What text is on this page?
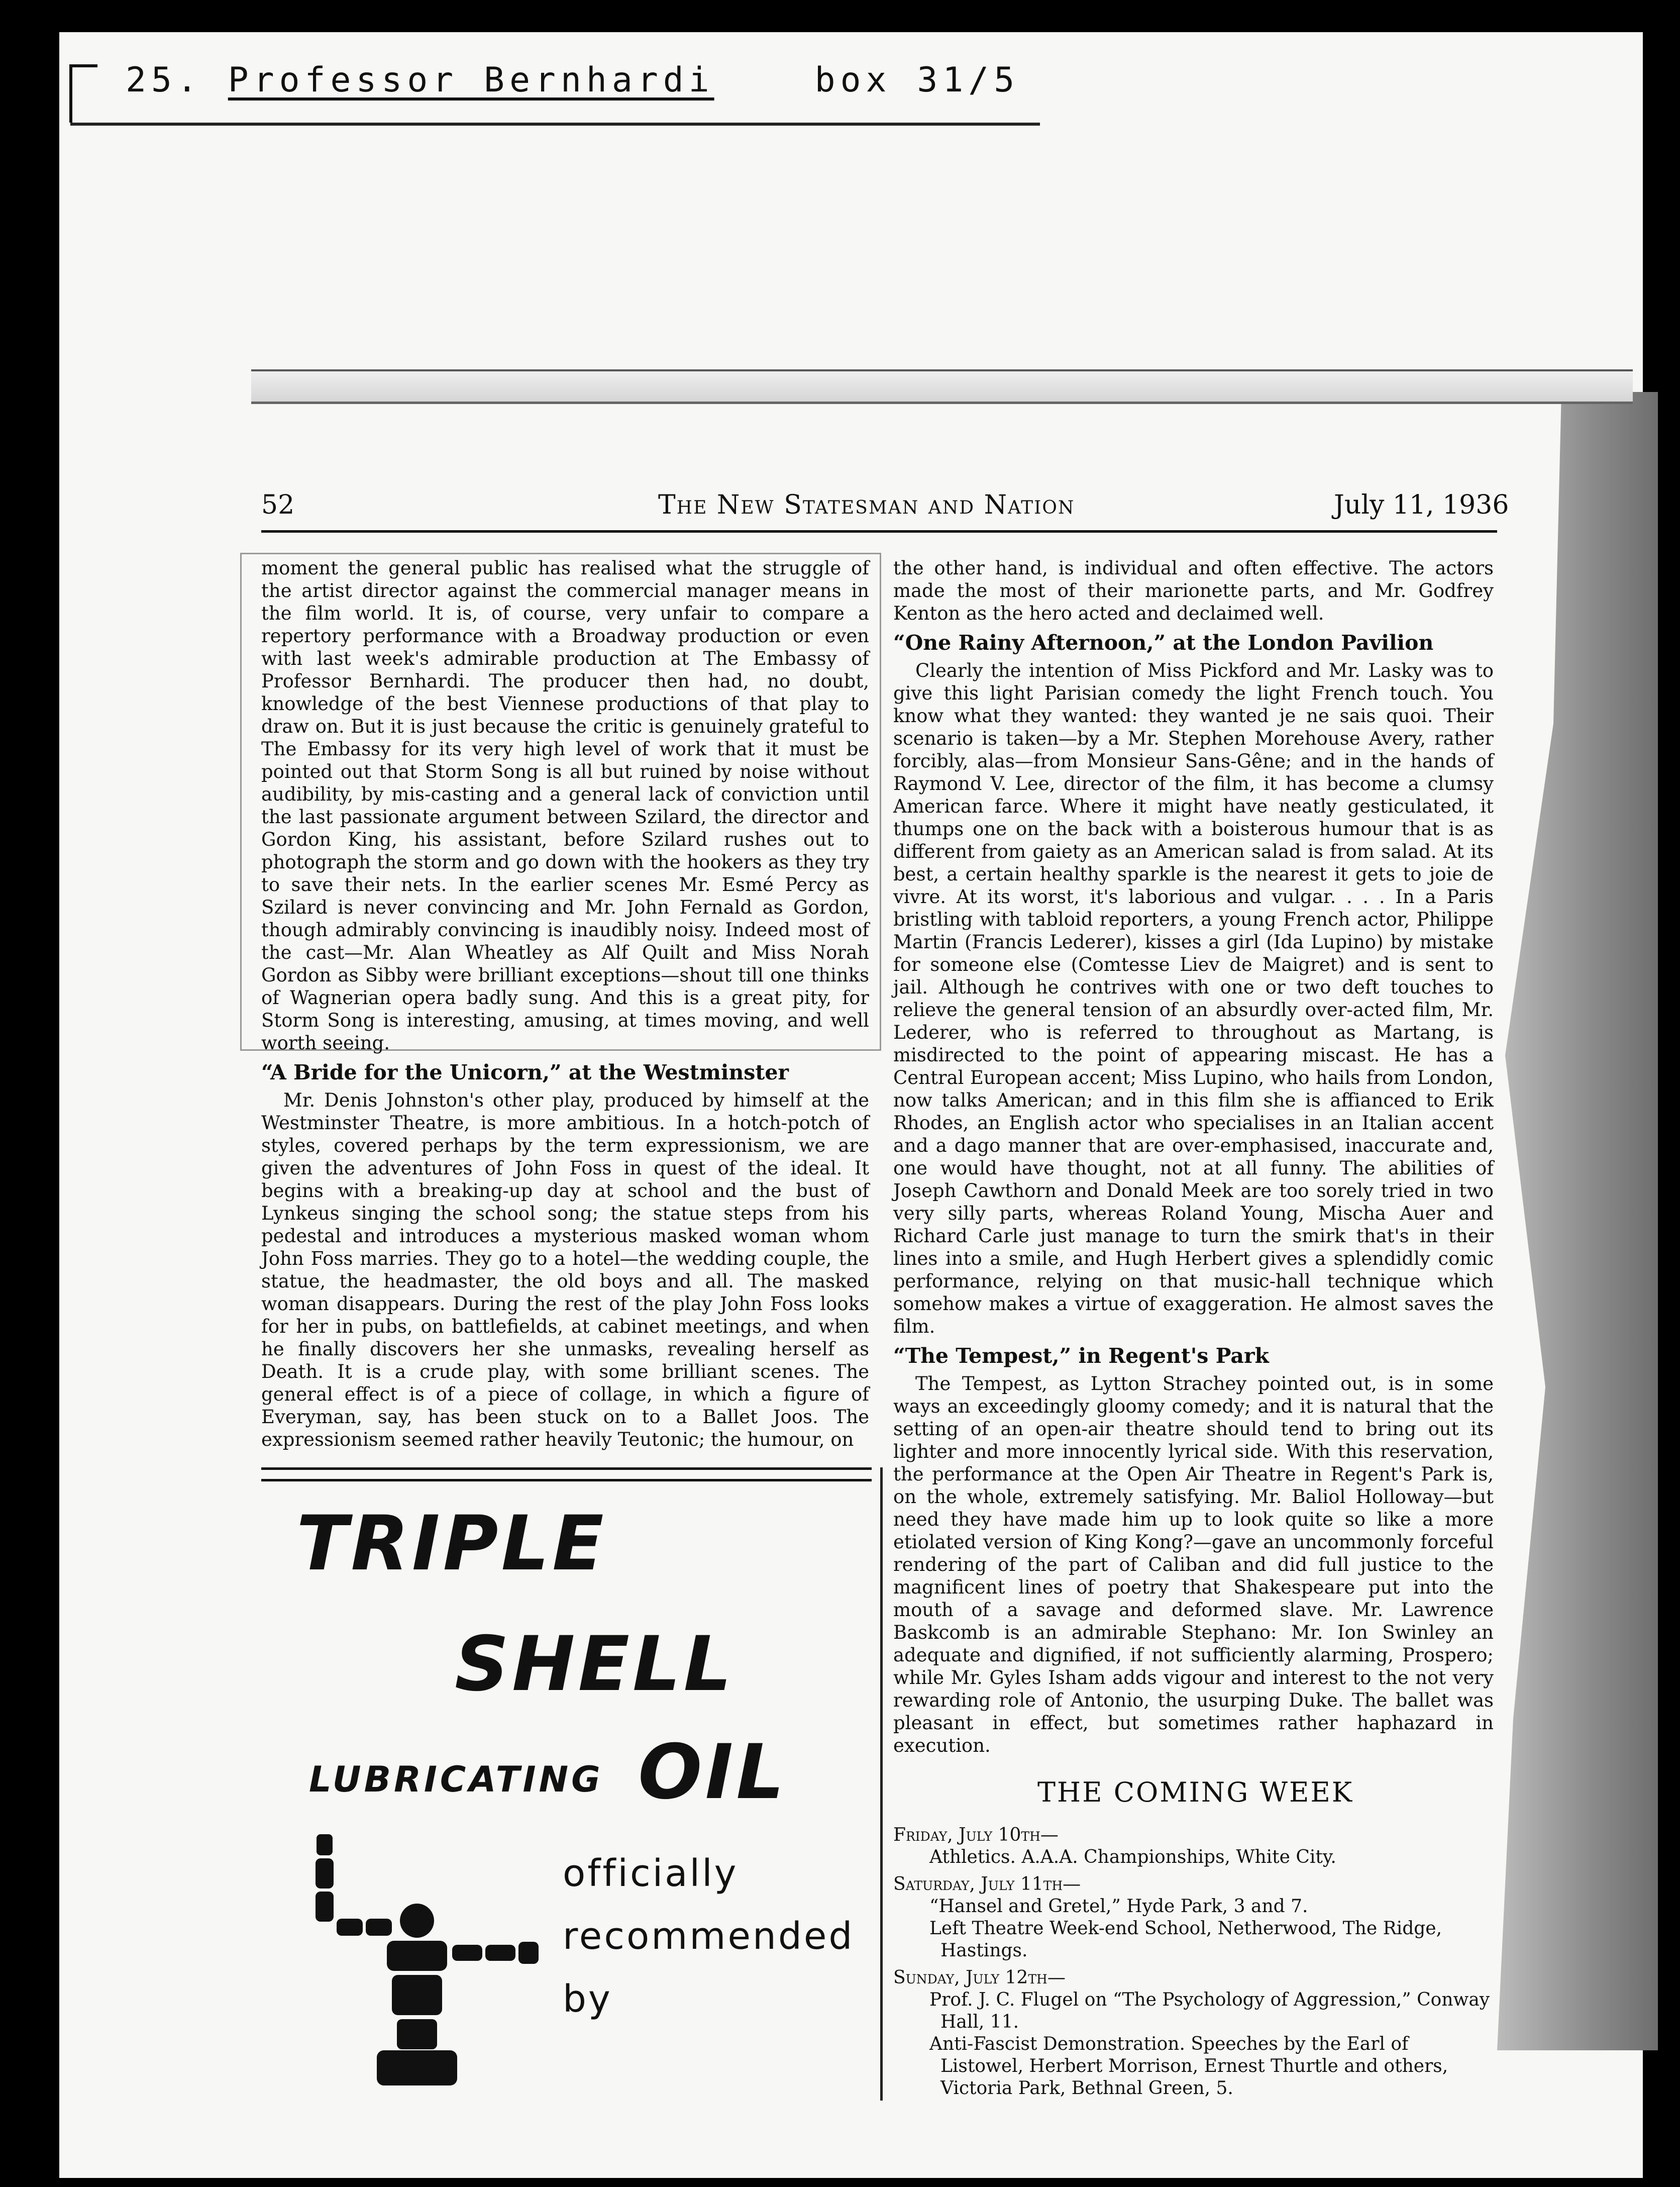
25. Professor Bernhardi	box 31/5
52	The New Statesman and Nation	July 11, 1936

moment the general public has realised what the struggle of the artist director against the commercial manager means in the film world. It is, of course, very unfair to compare a repertory performance with a Broadway production or even with last week's admirable production at The Embassy of Professor Bernhardi. The producer then had, no doubt, knowledge of the best Viennese productions of that play to draw on. But it is just because the critic is genuinely grateful to The Embassy for its very high level of work that it must be pointed out that Storm Song is all but ruined by noise without audibility, by mis-casting and a general lack of conviction until the last passionate argument between Szilard, the director and Gordon King, his assistant, before Szilard rushes out to photograph the storm and go down with the hookers as they try to save their nets. In the earlier scenes Mr. Esmé Percy as Szilard is never convincing and Mr. John Fernald as Gordon, though admirably convincing is inaudibly noisy. Indeed most of the cast—Mr. Alan Wheatley as Alf Quilt and Miss Norah Gordon as Sibby were brilliant exceptions—shout till one thinks of Wagnerian opera badly sung. And this is a great pity, for Storm Song is interesting, amusing, at times moving, and well worth seeing.

“A Bride for the Unicorn,” at the Westminster

Mr. Denis Johnston's other play, produced by himself at the Westminster Theatre, is more ambitious. In a hotch-potch of styles, covered perhaps by the term expressionism, we are given the adventures of John Foss in quest of the ideal. It begins with a breaking-up day at school and the bust of Lynkeus singing the school song; the statue steps from his pedestal and introduces a mysterious masked woman whom John Foss marries. They go to a hotel—the wedding couple, the statue, the headmaster, the old boys and all. The masked woman disappears. During the rest of the play John Foss looks for her in pubs, on battlefields, at cabinet meetings, and when he finally discovers her she unmasks, revealing herself as Death. It is a crude play, with some brilliant scenes. The general effect is of a piece of collage, in which a figure of Everyman, say, has been stuck on to a Ballet Joos. The expressionism seemed rather heavily Teutonic; the humour, on

the other hand, is individual and often effective. The actors made the most of their marionette parts, and Mr. Godfrey Kenton as the hero acted and declaimed well.

“One Rainy Afternoon,” at the London Pavilion

Clearly the intention of Miss Pickford and Mr. Lasky was to give this light Parisian comedy the light French touch. You know what they wanted: they wanted je ne sais quoi. Their scenario is taken—by a Mr. Stephen Morehouse Avery, rather forcibly, alas—from Monsieur Sans-Gêne; and in the hands of Raymond V. Lee, director of the film, it has become a clumsy American farce. Where it might have neatly gesticulated, it thumps one on the back with a boisterous humour that is as different from gaiety as an American salad is from salad. At its best, a certain healthy sparkle is the nearest it gets to joie de vivre. At its worst, it's laborious and vulgar. . . . In a Paris bristling with tabloid reporters, a young French actor, Philippe Martin (Francis Lederer), kisses a girl (Ida Lupino) by mistake for someone else (Comtesse Liev de Maigret) and is sent to jail. Although he contrives with one or two deft touches to relieve the general tension of an absurdly over-acted film, Mr. Lederer, who is referred to throughout as Martang, is misdirected to the point of appearing miscast. He has a Central European accent; Miss Lupino, who hails from London, now talks American; and in this film she is affianced to Erik Rhodes, an English actor who specialises in an Italian accent and a dago manner that are over-emphasised, inaccurate and, one would have thought, not at all funny. The abilities of Joseph Cawthorn and Donald Meek are too sorely tried in two very silly parts, whereas Roland Young, Mischa Auer and Richard Carle just manage to turn the smirk that's in their lines into a smile, and Hugh Herbert gives a splendidly comic performance, relying on that music-hall technique which somehow makes a virtue of exaggeration. He almost saves the film.

“The Tempest,” in Regent's Park

The Tempest, as Lytton Strachey pointed out, is in some ways an exceedingly gloomy comedy; and it is natural that the setting of an open-air theatre should tend to bring out its lighter and more innocently lyrical side. With this reservation, the performance at the Open Air Theatre in Regent's Park is, on the whole, extremely satisfying. Mr. Baliol Holloway—but need they have made him up to look quite so like a more etiolated version of King Kong?—gave an uncommonly forceful rendering of the part of Caliban and did full justice to the magnificent lines of poetry that Shakespeare put into the mouth of a savage and deformed slave. Mr. Lawrence Baskcomb is an admirable Stephano: Mr. Ion Swinley an adequate and dignified, if not sufficiently alarming, Prospero; while Mr. Gyles Isham adds vigour and interest to the not very rewarding role of Antonio, the usurping Duke. The ballet was pleasant in effect, but sometimes rather haphazard in execution.

TRIPLE
SHELL
LUBRICATING OIL
officially
recommended
by
THE COMING WEEK
Friday, July 10th—
Athletics. A.A.A. Championships, White City.
Saturday, July 11th—
“Hansel and Gretel,” Hyde Park, 3 and 7.
Left Theatre Week-end School, Netherwood, The Ridge, Hastings.
Sunday, July 12th—
Prof. J. C. Flugel on “The Psychology of Aggression,” Conway Hall, 11.
Anti-Fascist Demonstration. Speeches by the Earl of Listowel, Herbert Morrison, Ernest Thurtle and others, Victoria Park, Bethnal Green, 5.
